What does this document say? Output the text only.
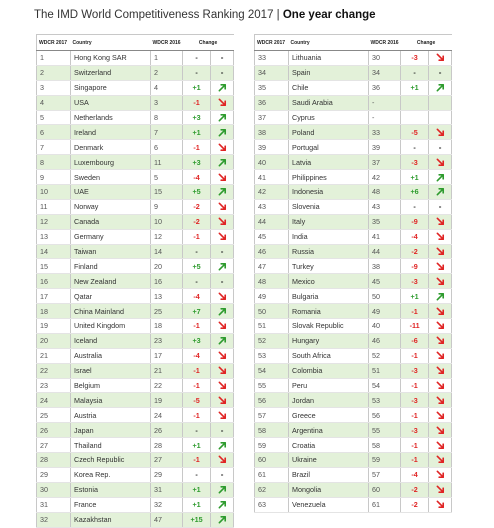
The IMD World Competitiveness Ranking 2017 | One year change
WDCR 2017	Country	WDCR 2016	Change	
1	Hong Kong SAR	1	-	-
2	Switzerland	2	-	-
3	Singapore	4	+1	

4	USA	3	-1	

5	Netherlands	8	+3	

6	Ireland	7	+1	

7	Denmark	6	-1	

8	Luxembourg	11	+3	

9	Sweden	5	-4	

10	UAE	15	+5	

11	Norway	9	-2	

12	Canada	10	-2	

13	Germany	12	-1	

14	Taiwan	14	-	-
15	Finland	20	+5	

16	New Zealand	16	-	-
17	Qatar	13	-4	

18	China Mainland	25	+7	

19	United Kingdom	18	-1	

20	Iceland	23	+3	

21	Australia	17	-4	

22	Israel	21	-1	

23	Belgium	22	-1	

24	Malaysia	19	-5	

25	Austria	24	-1	

26	Japan	26	-	-
27	Thailand	28	+1	

28	Czech Republic	27	-1	

29	Korea Rep.	29	-	-
30	Estonia	31	+1	

31	France	32	+1	

32	Kazakhstan	47	+15	
WDCR 2017	Country	WDCR 2016	Change	
33	Lithuania	30	-3	

34	Spain	34	-	-
35	Chile	36	+1	

36	Saudi Arabia	-		
37	Cyprus	-		
38	Poland	33	-5	

39	Portugal	39	-	-
40	Latvia	37	-3	

41	Philippines	42	+1	

42	Indonesia	48	+6	

43	Slovenia	43	-	-
44	Italy	35	-9	

45	India	41	-4	

46	Russia	44	-2	

47	Turkey	38	-9	

48	Mexico	45	-3	

49	Bulgaria	50	+1	

50	Romania	49	-1	

51	Slovak Republic	40	-11	

52	Hungary	46	-6	

53	South Africa	52	-1	

54	Colombia	51	-3	

55	Peru	54	-1	

56	Jordan	53	-3	

57	Greece	56	-1	

58	Argentina	55	-3	

59	Croatia	58	-1	

60	Ukraine	59	-1	

61	Brazil	57	-4	

62	Mongolia	60	-2	

63	Venezuela	61	-2	
